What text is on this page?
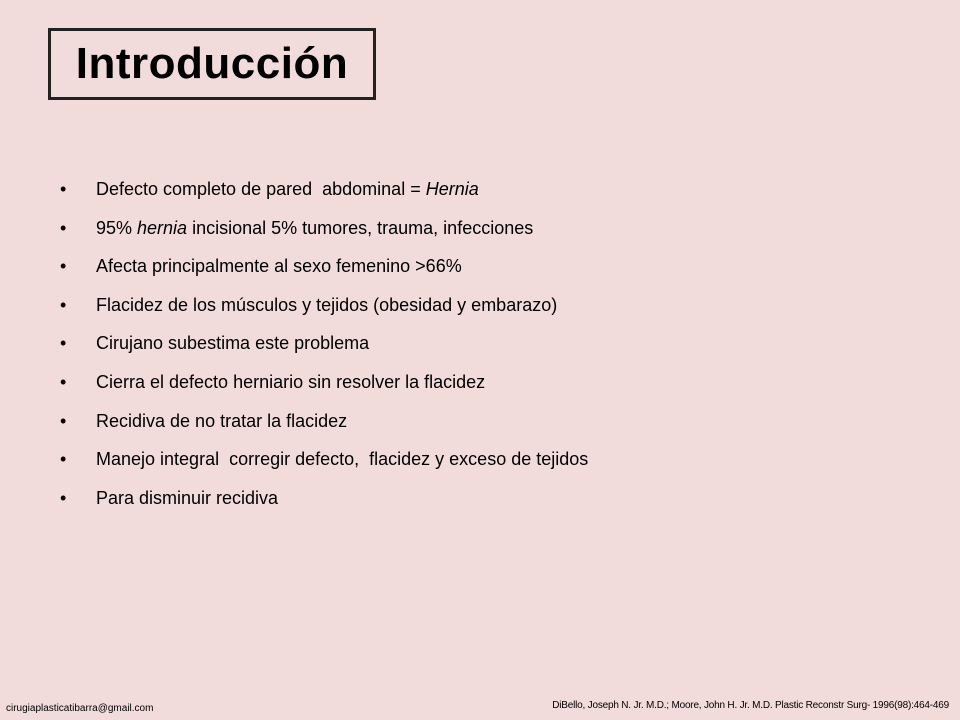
Introducción
•	Defecto completo de pared  abdominal = Hernia
•	95% hernia incisional 5% tumores, trauma, infecciones
•	Afecta principalmente al sexo femenino >66%
•	Flacidez de los músculos y tejidos (obesidad y embarazo)
•	Cirujano subestima este problema
•	Cierra el defecto herniario sin resolver la flacidez
•	Recidiva de no tratar la flacidez
•	Manejo integral  corregir defecto,  flacidez y exceso de tejidos
•	Para disminuir recidiva
cirugiaplasticatibarra@gmail.com	DiBello, Joseph N. Jr. M.D.; Moore, John H. Jr. M.D. Plastic Reconstr Surg- 1996(98):464-469
